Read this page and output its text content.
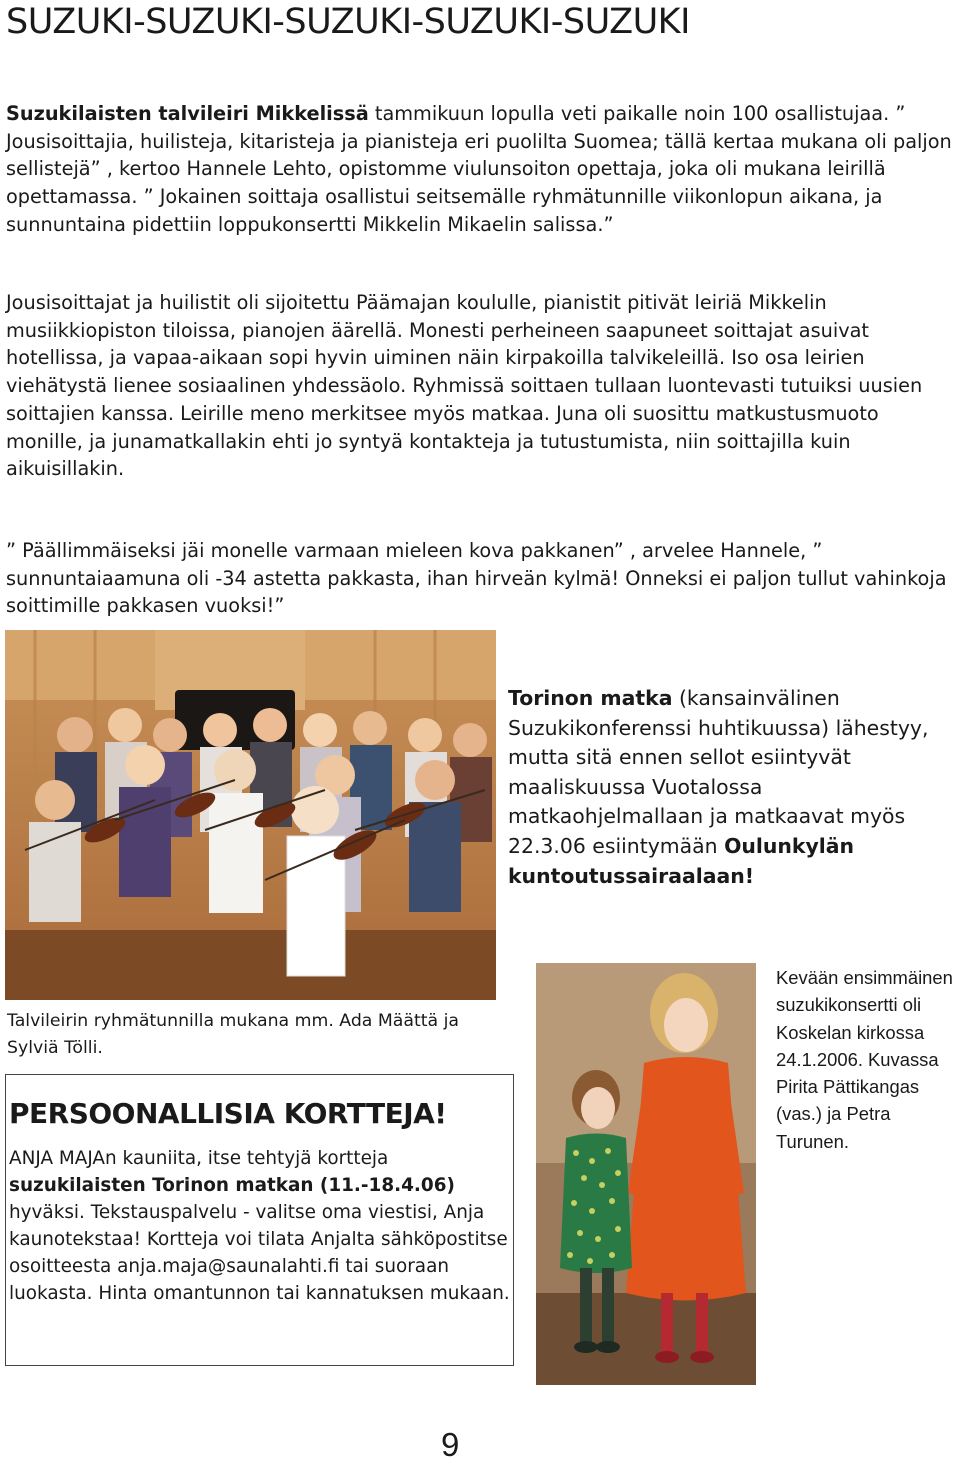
SUZUKI-SUZUKI-SUZUKI-SUZUKI-SUZUKI

Suzukilaisten talvileiri Mikkelissä tammikuun lopulla veti paikalle noin 100 osallistujaa. ” Jousisoittajia, huilisteja, kitaristeja ja pianisteja eri puolilta Suomea; tällä kertaa mukana oli paljon sellistejä” , kertoo Hannele Lehto, opistomme viulunsoiton opettaja, joka oli mukana leirillä opettamassa. ” Jokainen soittaja osallistui seitsemälle ryhmätunnille viikonlopun aikana, ja sunnuntaina pidettiin loppukonsertti Mikkelin Mikaelin salissa.”

Jousisoittajat ja huilistit oli sijoitettu Päämajan koululle, pianistit pitivät leiriä Mikkelin musiikkiopiston tiloissa, pianojen äärellä. Monesti perheineen saapuneet soittajat asuivat hotellissa, ja vapaa-aikaan sopi hyvin uiminen näin kirpakoilla talvikeleillä. Iso osa leirien viehätystä lienee sosiaalinen yhdessäolo. Ryhmissä soittaen tullaan luontevasti tutuiksi uusien soittajien kanssa. Leirille meno merkitsee myös matkaa. Juna oli suosittu matkustusmuoto monille, ja junamatkallakin ehti jo syntyä kontakteja ja tutustumista, niin soittajilla kuin aikuisillakin.

” Päällimmäiseksi jäi monelle varmaan mieleen kova pakkanen” , arvelee Hannele, ” sunnuntaiaamuna oli -34 astetta pakkasta, ihan hirveän kylmä! Onneksi ei paljon tullut vahinkoja soittimille pakkasen vuoksi!”

Torinon matka (kansainvälinen Suzukikonferenssi huhtikuussa) lähestyy, mutta sitä ennen sellot esiintyvät maaliskuussa Vuotalossa matkaohjelmallaan ja matkaavat myös 22.3.06 esiintymään Oulunkylän kuntoutussairaalaan!

Talvileirin ryhmätunnilla mukana mm. Ada Määttä ja Sylviä Tölli.

PERSOONALLISIA KORTTEJA!

ANJA MAJAn kauniita, itse tehtyjä kortteja suzukilaisten Torinon matkan (11.-18.4.06) hyväksi. Tekstauspalvelu - valitse oma viestisi, Anja kaunotekstaa! Kortteja voi tilata Anjalta sähköpostitse osoitteesta anja.maja@saunalahti.fi tai suoraan luokasta. Hinta omantunnon tai kannatuksen mukaan.

Kevään ensimmäinen suzukikonsertti oli Koskelan kirkossa 24.1.2006. Kuvassa Pirita Pättikangas (vas.) ja Petra Turunen.

9
